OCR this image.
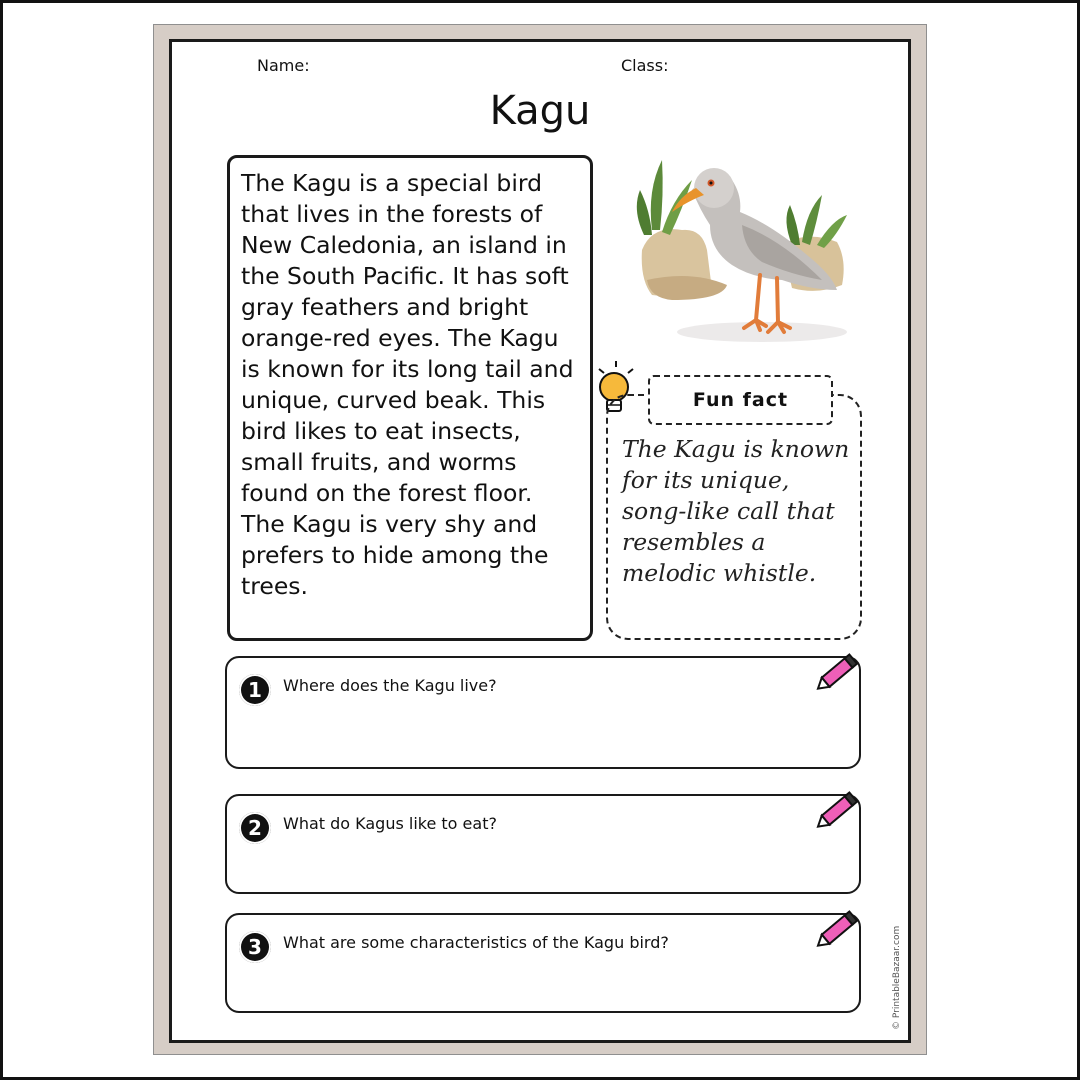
Name:	Class:
Kagu
The Kagu is a special bird that lives in the forests of New Caledonia, an island in the South Pacific. It has soft gray feathers and bright orange-red eyes. The Kagu is known for its long tail and unique, curved beak. This bird likes to eat insects, small fruits, and worms found on the forest floor. The Kagu is very shy and prefers to hide among the trees.
Fun fact
The Kagu is known for its unique, song-like call that resembles a melodic whistle.
1	Where does the Kagu live?
2	What do Kagus like to eat?
3	What are some characteristics of the Kagu bird?	© PrintableBazaar.com
